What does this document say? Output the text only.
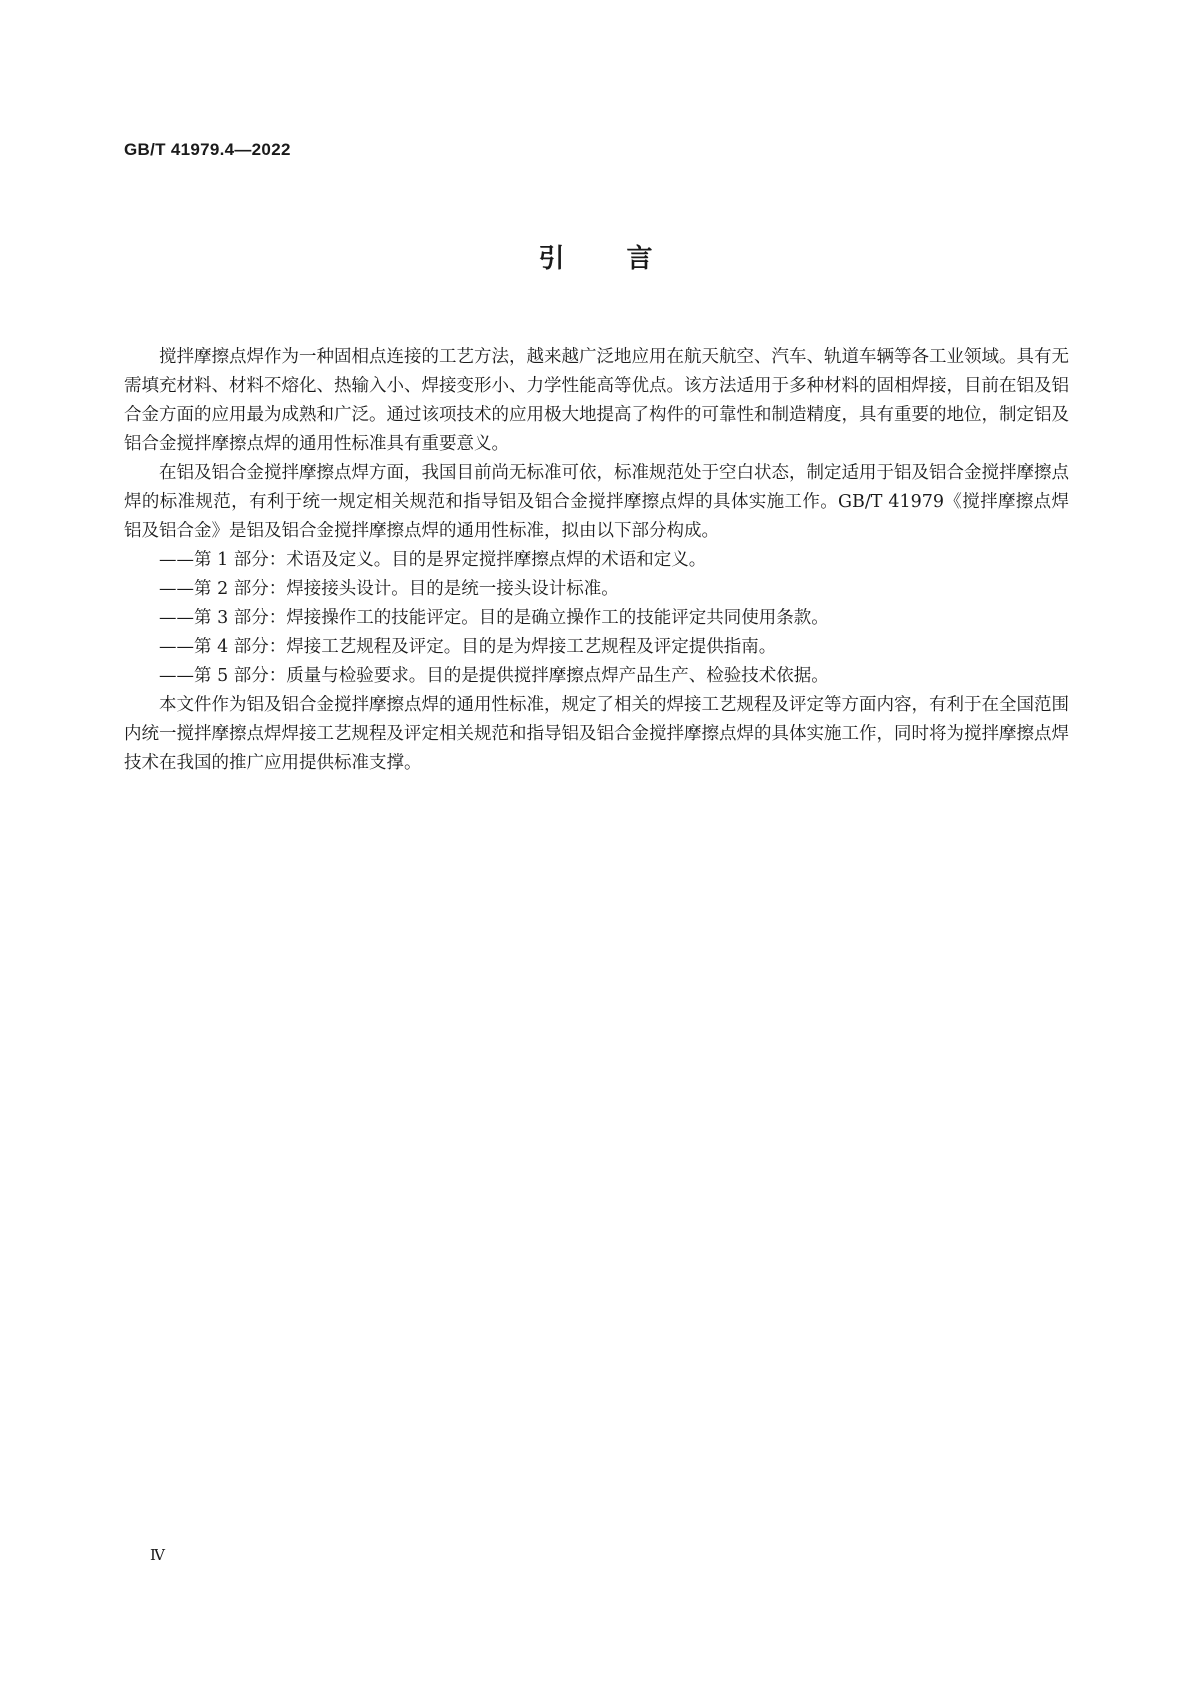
GB/T 41979.4—2022
引言

搅拌摩擦点焊作为一种固相点连接的工艺方法，越来越广泛地应用在航天航空、汽车、轨道车辆等各工业领域。具有无需填充材料、材料不熔化、热输入小、焊接变形小、力学性能高等优点。该方法适用于多种材料的固相焊接，目前在铝及铝合金方面的应用最为成熟和广泛。通过该项技术的应用极大地提高了构件的可靠性和制造精度，具有重要的地位，制定铝及铝合金搅拌摩擦点焊的通用性标准具有重要意义。

在铝及铝合金搅拌摩擦点焊方面，我国目前尚无标准可依，标准规范处于空白状态，制定适用于铝及铝合金搅拌摩擦点焊的标准规范，有利于统一规定相关规范和指导铝及铝合金搅拌摩擦点焊的具体实施工作。GB/T 41979《搅拌摩擦点焊　铝及铝合金》是铝及铝合金搅拌摩擦点焊的通用性标准，拟由以下部分构成。

——第 1 部分：术语及定义。目的是界定搅拌摩擦点焊的术语和定义。

——第 2 部分：焊接接头设计。目的是统一接头设计标准。

——第 3 部分：焊接操作工的技能评定。目的是确立操作工的技能评定共同使用条款。

——第 4 部分：焊接工艺规程及评定。目的是为焊接工艺规程及评定提供指南。

——第 5 部分：质量与检验要求。目的是提供搅拌摩擦点焊产品生产、检验技术依据。

本文件作为铝及铝合金搅拌摩擦点焊的通用性标准，规定了相关的焊接工艺规程及评定等方面内容，有利于在全国范围内统一搅拌摩擦点焊焊接工艺规程及评定相关规范和指导铝及铝合金搅拌摩擦点焊的具体实施工作，同时将为搅拌摩擦点焊技术在我国的推广应用提供标准支撑。

Ⅳ
